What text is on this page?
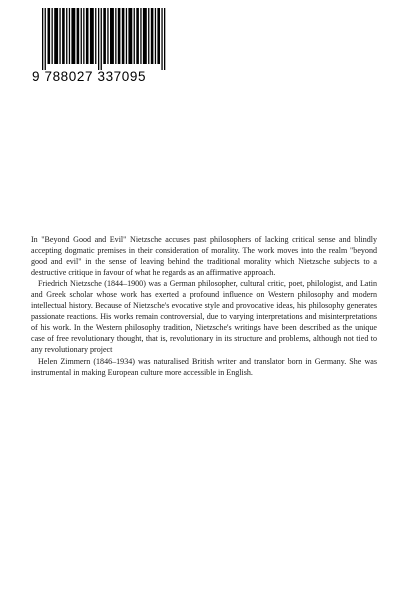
9 788027 337095

In "Beyond Good and Evil" Nietzsche accuses past philosophers of lacking critical sense and blindly accepting dogmatic premises in their consideration of morality. The work moves into the realm "beyond good and evil" in the sense of leaving behind the traditional morality which Nietzsche subjects to a destructive critique in favour of what he regards as an affirmative approach.

Friedrich Nietzsche (1844–1900) was a German philosopher, cultural critic, poet, philologist, and Latin and Greek scholar whose work has exerted a profound influence on Western philosophy and modern intellectual history. Because of Nietzsche's evocative style and provocative ideas, his philosophy generates passionate reactions. His works remain controversial, due to varying interpretations and misinterpretations of his work. In the Western philosophy tradition, Nietzsche's writings have been described as the unique case of free revolutionary thought, that is, revolutionary in its structure and problems, although not tied to any revolutionary project

Helen Zimmern (1846–1934) was naturalised British writer and translator born in Germany. She was instrumental in making European culture more accessible in English.
